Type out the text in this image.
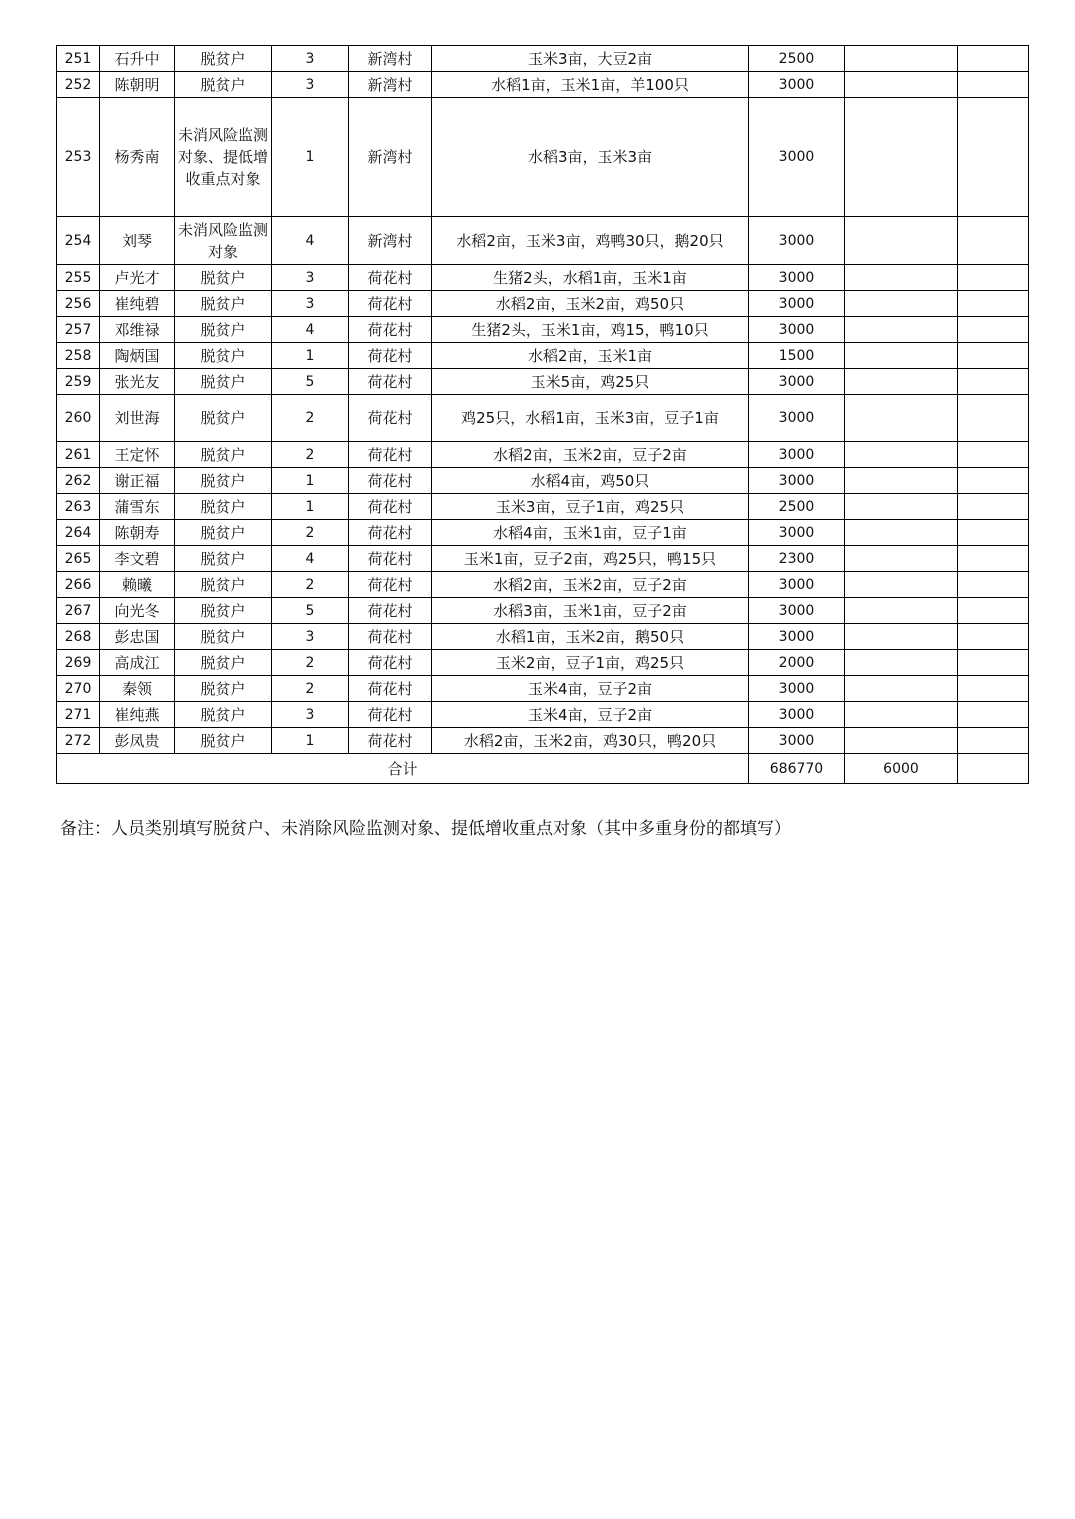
251	石升中	脱贫户	3	新湾村	玉米3亩，大豆2亩	2500		
252	陈朝明	脱贫户	3	新湾村	水稻1亩，玉米1亩，羊100只	3000		
253	杨秀南	未消风险监测对象、提低增收重点对象	1	新湾村	水稻3亩，玉米3亩	3000		
254	刘琴	未消风险监测对象	4	新湾村	水稻2亩，玉米3亩，鸡鸭30只，鹅20只	3000		
255	卢光才	脱贫户	3	荷花村	生猪2头，水稻1亩，玉米1亩	3000		
256	崔纯碧	脱贫户	3	荷花村	水稻2亩，玉米2亩，鸡50只	3000		
257	邓维禄	脱贫户	4	荷花村	生猪2头，玉米1亩，鸡15，鸭10只	3000		
258	陶炳国	脱贫户	1	荷花村	水稻2亩，玉米1亩	1500		
259	张光友	脱贫户	5	荷花村	玉米5亩，鸡25只	3000		
260	刘世海	脱贫户	2	荷花村	鸡25只，水稻1亩，玉米3亩，豆子1亩	3000		
261	王定怀	脱贫户	2	荷花村	水稻2亩，玉米2亩，豆子2亩	3000		
262	谢正福	脱贫户	1	荷花村	水稻4亩，鸡50只	3000		
263	蒲雪东	脱贫户	1	荷花村	玉米3亩，豆子1亩，鸡25只	2500		
264	陈朝寿	脱贫户	2	荷花村	水稻4亩，玉米1亩，豆子1亩	3000		
265	李文碧	脱贫户	4	荷花村	玉米1亩，豆子2亩，鸡25只，鸭15只	2300		
266	赖曦	脱贫户	2	荷花村	水稻2亩，玉米2亩，豆子2亩	3000		
267	向光冬	脱贫户	5	荷花村	水稻3亩，玉米1亩，豆子2亩	3000		
268	彭忠国	脱贫户	3	荷花村	水稻1亩，玉米2亩，鹅50只	3000		
269	高成江	脱贫户	2	荷花村	玉米2亩，豆子1亩，鸡25只	2000		
270	秦领	脱贫户	2	荷花村	玉米4亩，豆子2亩	3000		
271	崔纯燕	脱贫户	3	荷花村	玉米4亩，豆子2亩	3000		
272	彭凤贵	脱贫户	1	荷花村	水稻2亩，玉米2亩，鸡30只，鸭20只	3000		
合计						686770	6000	
备注：人员类别填写脱贫户、未消除风险监测对象、提低增收重点对象（其中多重身份的都填写）
